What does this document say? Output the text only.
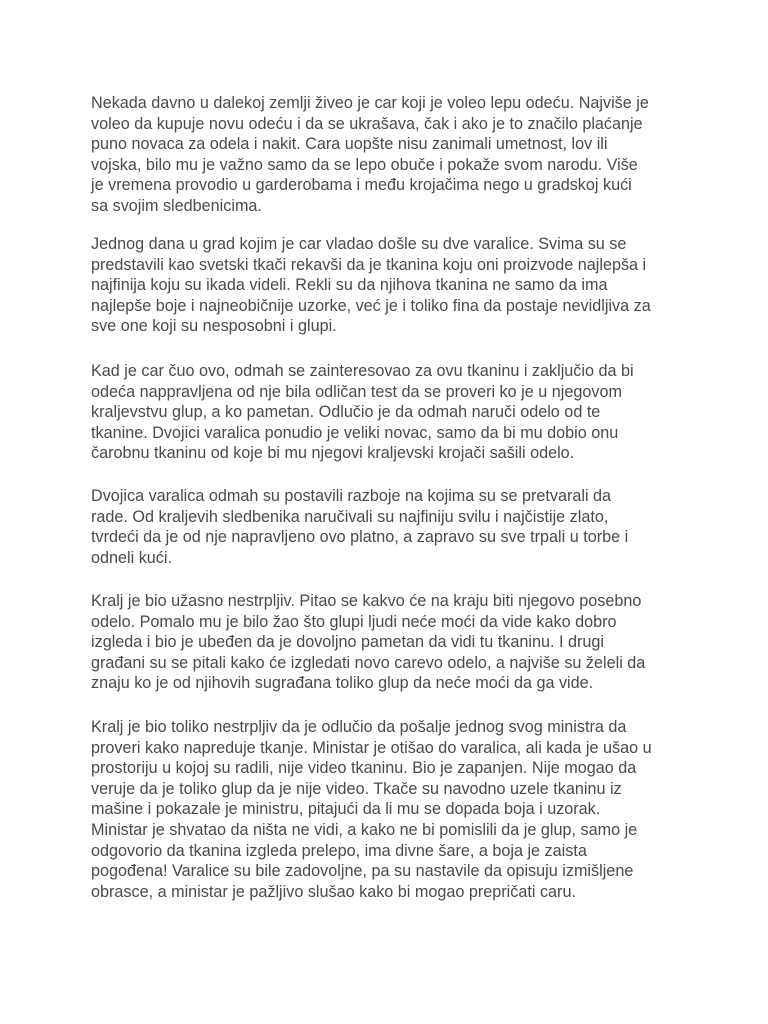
Nekada davno u dalekoj zemlji živeo je car koji je voleo lepu odeću. Najviše je
voleo da kupuje novu odeću i da se ukrašava, čak i ako je to značilo plaćanje
puno novaca za odela i nakit. Cara uopšte nisu zanimali umetnost, lov ili
vojska, bilo mu je važno samo da se lepo obuče i pokaže svom narodu. Više
je vremena provodio u garderobama i među krojačima nego u gradskoj kući
sa svojim sledbenicima.

Jednog dana u grad kojim je car vladao došle su dve varalice. Svima su se
predstavili kao svetski tkači rekavši da je tkanina koju oni proizvode najlepša i
najfinija koju su ikada videli. Rekli su da njihova tkanina ne samo da ima
najlepše boje i najneobičnije uzorke, već je i toliko fina da postaje nevidljiva za
sve one koji su nesposobni i glupi.

Kad je car čuo ovo, odmah se zainteresovao za ovu tkaninu i zaključio da bi
odeća nappravljena od nje bila odličan test da se proveri ko je u njegovom
kraljevstvu glup, a ko pametan. Odlučio je da odmah naruči odelo od te
tkanine. Dvojici varalica ponudio je veliki novac, samo da bi mu dobio onu
čarobnu tkaninu od koje bi mu njegovi kraljevski krojači sašili odelo.

Dvojica varalica odmah su postavili razboje na kojima su se pretvarali da
rade. Od kraljevih sledbenika naručivali su najfiniju svilu i najčistije zlato,
tvrdeći da je od nje napravljeno ovo platno, a zapravo su sve trpali u torbe i
odneli kući.

Kralj je bio užasno nestrpljiv. Pitao se kakvo će na kraju biti njegovo posebno
odelo. Pomalo mu je bilo žao što glupi ljudi neće moći da vide kako dobro
izgleda i bio je ubeđen da je dovoljno pametan da vidi tu tkaninu. I drugi
građani su se pitali kako će izgledati novo carevo odelo, a najviše su želeli da
znaju ko je od njihovih sugrađana toliko glup da neće moći da ga vide.

Kralj je bio toliko nestrpljiv da je odlučio da pošalje jednog svog ministra da
proveri kako napreduje tkanje. Ministar je otišao do varalica, ali kada je ušao u
prostoriju u kojoj su radili, nije video tkaninu. Bio je zapanjen. Nije mogao da
veruje da je toliko glup da je nije video. Tkače su navodno uzele tkaninu iz
mašine i pokazale je ministru, pitajući da li mu se dopada boja i uzorak.
Ministar je shvatao da ništa ne vidi, a kako ne bi pomislili da je glup, samo je
odgovorio da tkanina izgleda prelepo, ima divne šare, a boja je zaista
pogođena! Varalice su bile zadovoljne, pa su nastavile da opisuju izmišljene
obrasce, a ministar je pažljivo slušao kako bi mogao prepričati caru.
